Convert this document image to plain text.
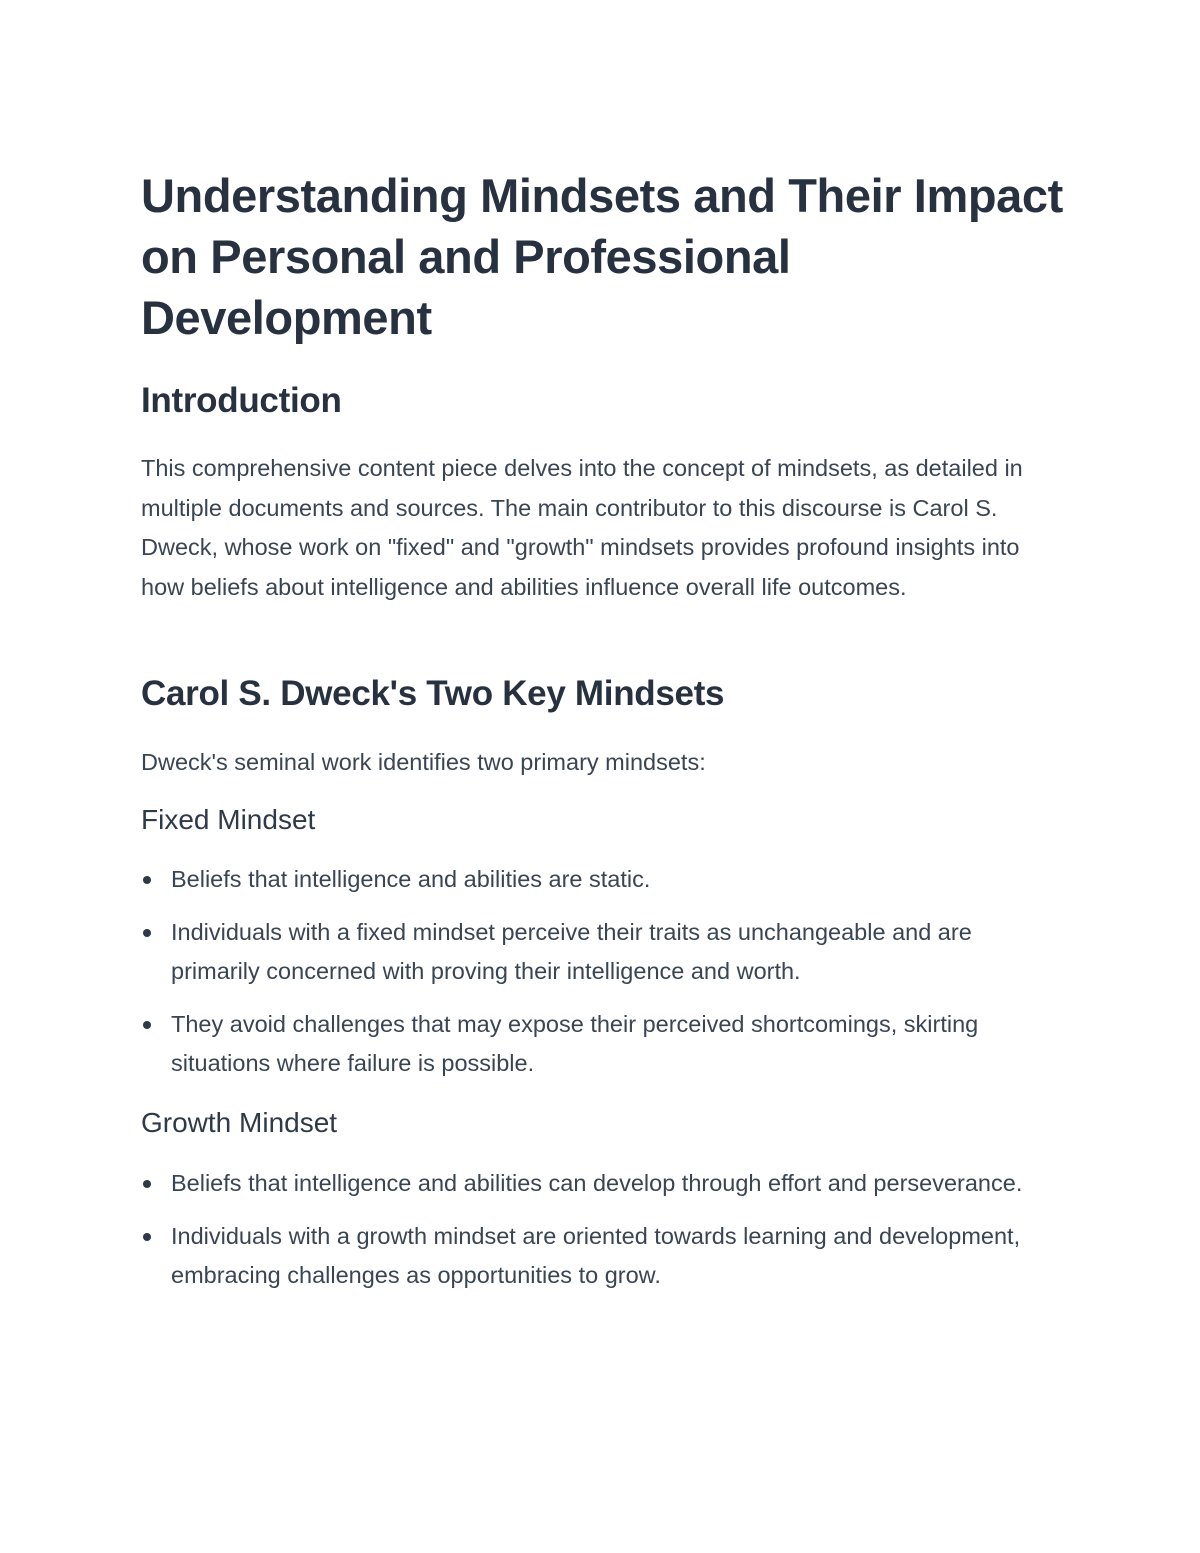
Understanding Mindsets and Their Impact on Personal and Professional Development
Introduction

This comprehensive content piece delves into the concept of mindsets, as detailed in multiple documents and sources. The main contributor to this discourse is Carol S. Dweck, whose work on "fixed" and "growth" mindsets provides profound insights into how beliefs about intelligence and abilities influence overall life outcomes.

Carol S. Dweck's Two Key Mindsets

Dweck's seminal work identifies two primary mindsets:

Fixed Mindset
Beliefs that intelligence and abilities are static.
Individuals with a fixed mindset perceive their traits as unchangeable and are primarily concerned with proving their intelligence and worth.
They avoid challenges that may expose their perceived shortcomings, skirting situations where failure is possible.
Growth Mindset
Beliefs that intelligence and abilities can develop through effort and perseverance.
Individuals with a growth mindset are oriented towards learning and development, embracing challenges as opportunities to grow.
